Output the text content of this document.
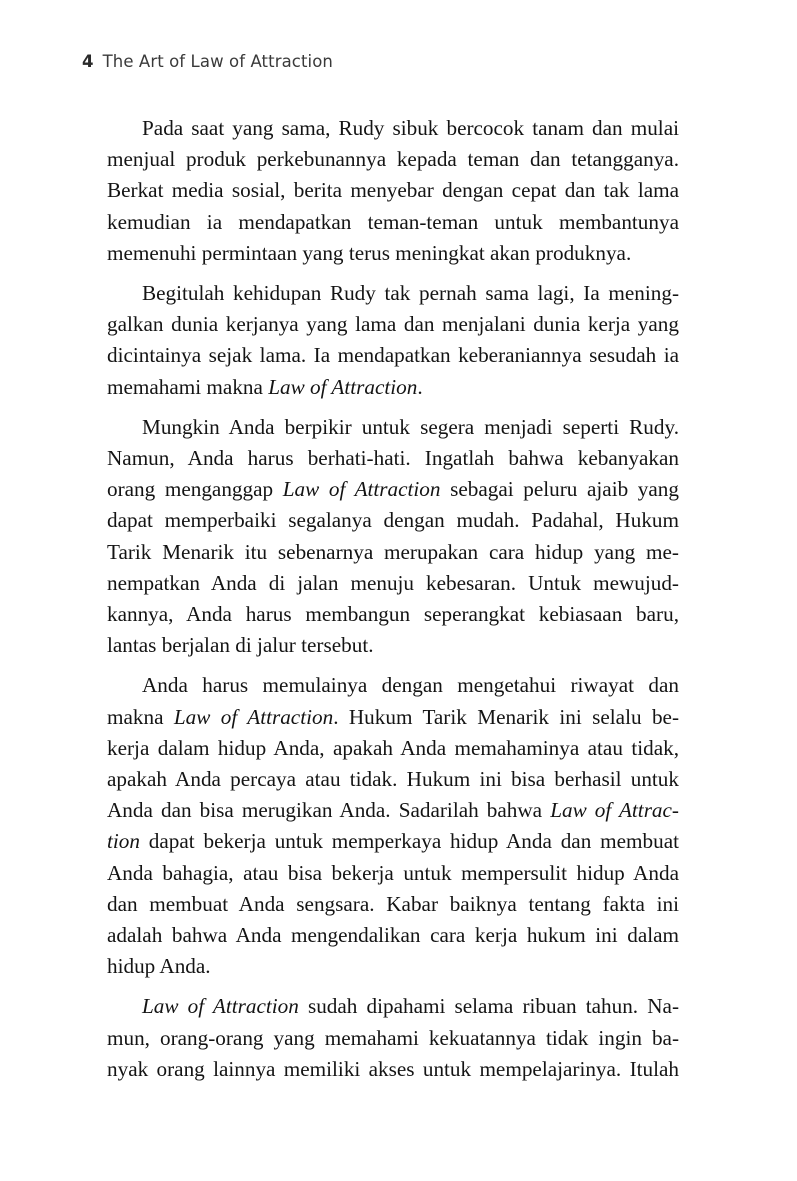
4 The Art of Law of Attraction
Pada saat yang sama, Rudy sibuk bercocok tanam dan mulai
menjual produk perkebunannya kepada teman dan tetangganya.
Berkat media sosial, berita menyebar dengan cepat dan tak lama
kemudian ia mendapatkan teman-teman untuk membantunya
memenuhi permintaan yang terus meningkat akan produknya.
Begitulah kehidupan Rudy tak pernah sama lagi, Ia mening-
galkan dunia kerjanya yang lama dan menjalani dunia kerja yang
dicintainya sejak lama. Ia mendapatkan keberaniannya sesudah ia
memahami makna Law of Attraction.
Mungkin Anda berpikir untuk segera menjadi seperti Rudy.
Namun, Anda harus berhati-hati. Ingatlah bahwa kebanyakan
orang menganggap Law of Attraction sebagai peluru ajaib yang
dapat memperbaiki segalanya dengan mudah. Padahal, Hukum
Tarik Menarik itu sebenarnya merupakan cara hidup yang me-
nempatkan Anda di jalan menuju kebesaran. Untuk mewujud-
kannya, Anda harus membangun seperangkat kebiasaan baru,
lantas berjalan di jalur tersebut.
Anda harus memulainya dengan mengetahui riwayat dan
makna Law of Attraction. Hukum Tarik Menarik ini selalu be-
kerja dalam hidup Anda, apakah Anda memahaminya atau tidak,
apakah Anda percaya atau tidak. Hukum ini bisa berhasil untuk
Anda dan bisa merugikan Anda. Sadarilah bahwa Law of Attrac-
tion dapat bekerja untuk memperkaya hidup Anda dan membuat
Anda bahagia, atau bisa bekerja untuk mempersulit hidup Anda
dan membuat Anda sengsara. Kabar baiknya tentang fakta ini
adalah bahwa Anda mengendalikan cara kerja hukum ini dalam
hidup Anda.
Law of Attraction sudah dipahami selama ribuan tahun. Na-
mun, orang-orang yang memahami kekuatannya tidak ingin ba-
nyak orang lainnya memiliki akses untuk mempelajarinya. Itulah
